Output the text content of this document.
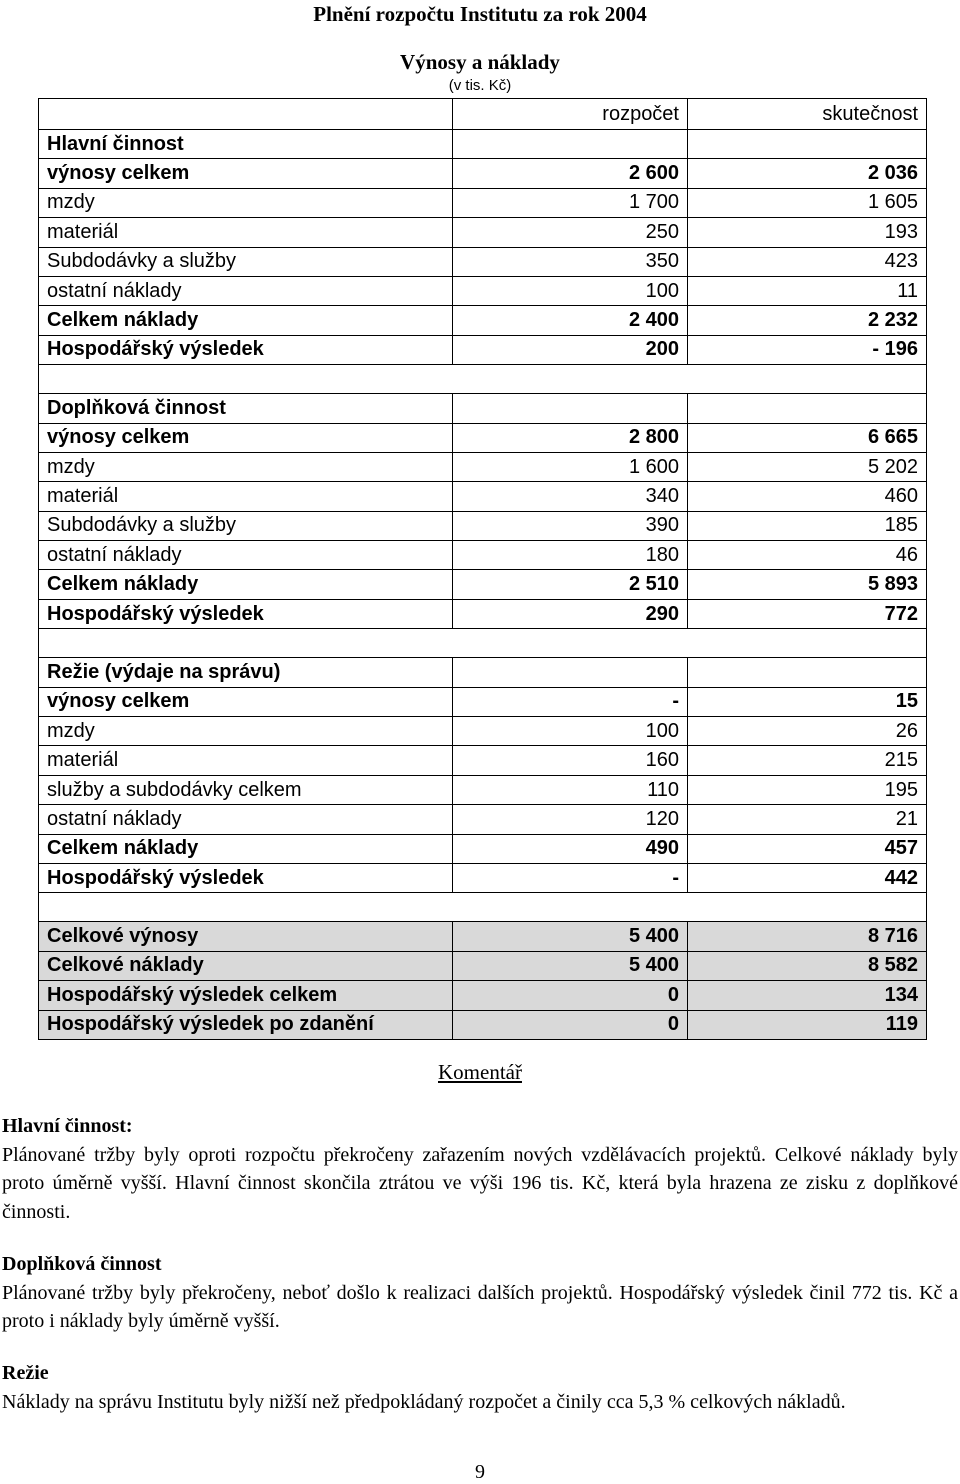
Plnění rozpočtu Institutu za rok 2004
Výnosy a náklady
(v tis. Kč)
	rozpočet	skutečnost
Hlavní činnost		
výnosy celkem	2 600	2 036
mzdy	1 700	1 605
materiál	250	193
Subdodávky a služby	350	423
ostatní náklady	100	11
Celkem náklady	2 400	2 232
Hospodářský výsledek	200	- 196

Doplňková činnost		
výnosy celkem	2 800	6 665
mzdy	1 600	5 202
materiál	340	460
Subdodávky a služby	390	185
ostatní náklady	180	46
Celkem náklady	2 510	5 893
Hospodářský výsledek	290	772

Režie (výdaje na správu)		
výnosy celkem	-	15
mzdy	100	26
materiál	160	215
služby a subdodávky celkem	110	195
ostatní náklady	120	21
Celkem náklady	490	457
Hospodářský výsledek	-	442

Celkové výnosy	5 400	8 716
Celkové náklady	5 400	8 582
Hospodářský výsledek celkem	0	134
Hospodářský výsledek po zdanění	0	119
Komentář
Hlavní činnost:
Plánované tržby byly oproti rozpočtu překročeny zařazením nových vzdělávacích projektů. Celkové náklady byly proto úměrně vyšší. Hlavní činnost skončila ztrátou ve výši 196 tis. Kč, která byla hrazena ze zisku z doplňkové činnosti.
Doplňková činnost
Plánované tržby byly překročeny, neboť došlo k realizaci dalších projektů. Hospodářský výsledek činil 772 tis. Kč a proto i náklady byly úměrně vyšší.
Režie
Náklady na správu Institutu byly nižší než předpokládaný rozpočet a činily cca 5,3 % celkových nákladů.
9
